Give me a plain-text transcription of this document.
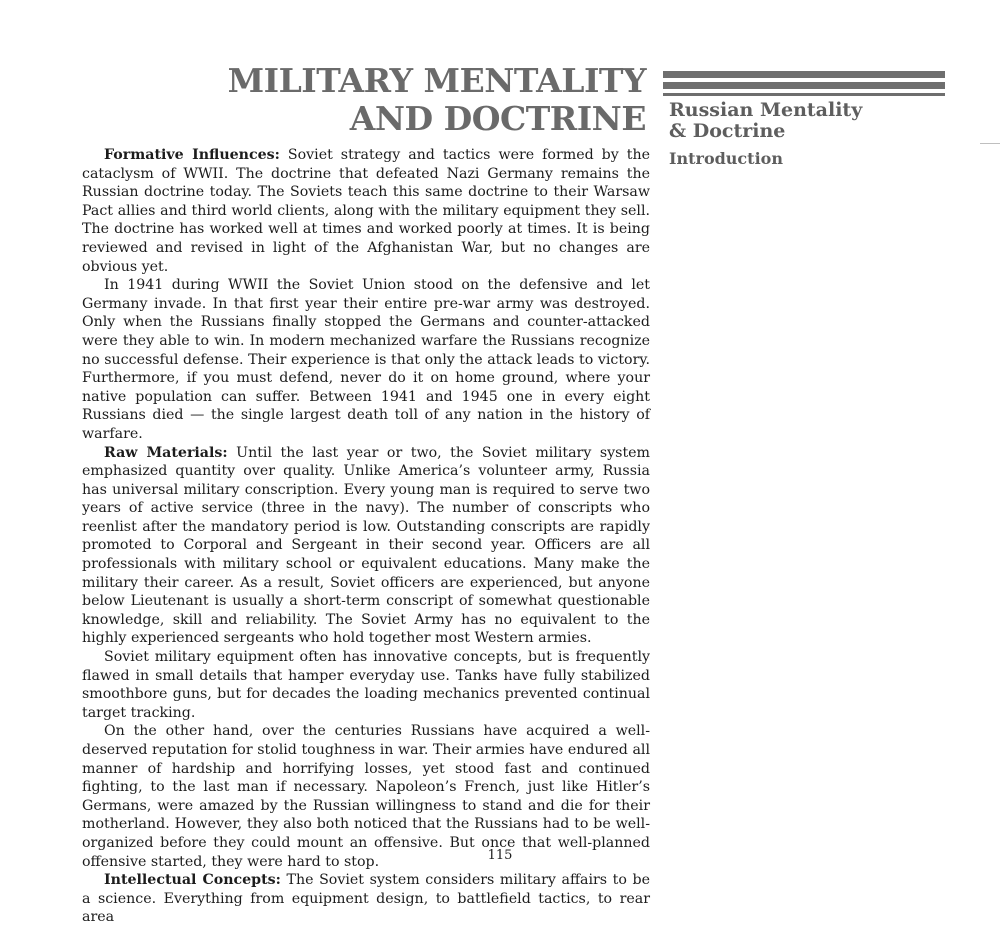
MILITARY MENTALITY
AND DOCTRINE Russian Mentality
& Doctrine
Introduction

Formative Influences: Soviet strategy and tactics were formed by the cataclysm of WWII. The doctrine that defeated Nazi Germany remains the Russian doctrine today. The Soviets teach this same doctrine to their Warsaw Pact allies and third world clients, along with the military equipment they sell. The doctrine has worked well at times and worked poorly at times. It is being reviewed and revised in light of the Afghanistan War, but no changes are obvious yet.

In 1941 during WWII the Soviet Union stood on the defensive and let Germany invade. In that first year their entire pre-war army was destroyed. Only when the Russians finally stopped the Germans and counter-attacked were they able to win. In modern mechanized warfare the Russians recognize no successful defense. Their experience is that only the attack leads to victory. Furthermore, if you must defend, never do it on home ground, where your native population can suffer. Between 1941 and 1945 one in every eight Russians died — the single largest death toll of any nation in the history of warfare.

Raw Materials: Until the last year or two, the Soviet military system emphasized quantity over quality. Unlike America’s volunteer army, Russia has universal military conscription. Every young man is required to serve two years of active service (three in the navy). The number of conscripts who reenlist after the mandatory period is low. Outstanding conscripts are rapidly promoted to Corporal and Sergeant in their second year. Officers are all professionals with military school or equivalent educations. Many make the military their career. As a result, Soviet officers are experienced, but anyone below Lieutenant is usually a short-term conscript of somewhat questionable knowledge, skill and reliability. The Soviet Army has no equivalent to the highly experienced sergeants who hold together most Western armies.

Soviet military equipment often has innovative concepts, but is frequently flawed in small details that hamper everyday use. Tanks have fully stabilized smoothbore guns, but for decades the loading mechanics prevented continual target tracking.

On the other hand, over the centuries Russians have acquired a well-deserved reputation for stolid toughness in war. Their armies have endured all manner of hardship and horrifying losses, yet stood fast and continued fighting, to the last man if necessary. Napoleon’s French, just like Hitler’s Germans, were amazed by the Russian willingness to stand and die for their motherland. However, they also both noticed that the Russians had to be well-organized before they could mount an offensive. But once that well-planned offensive started, they were hard to stop.

Intellectual Concepts: The Soviet system considers military affairs to be a science. Everything from equipment design, to battlefield tactics, to rear area

115
